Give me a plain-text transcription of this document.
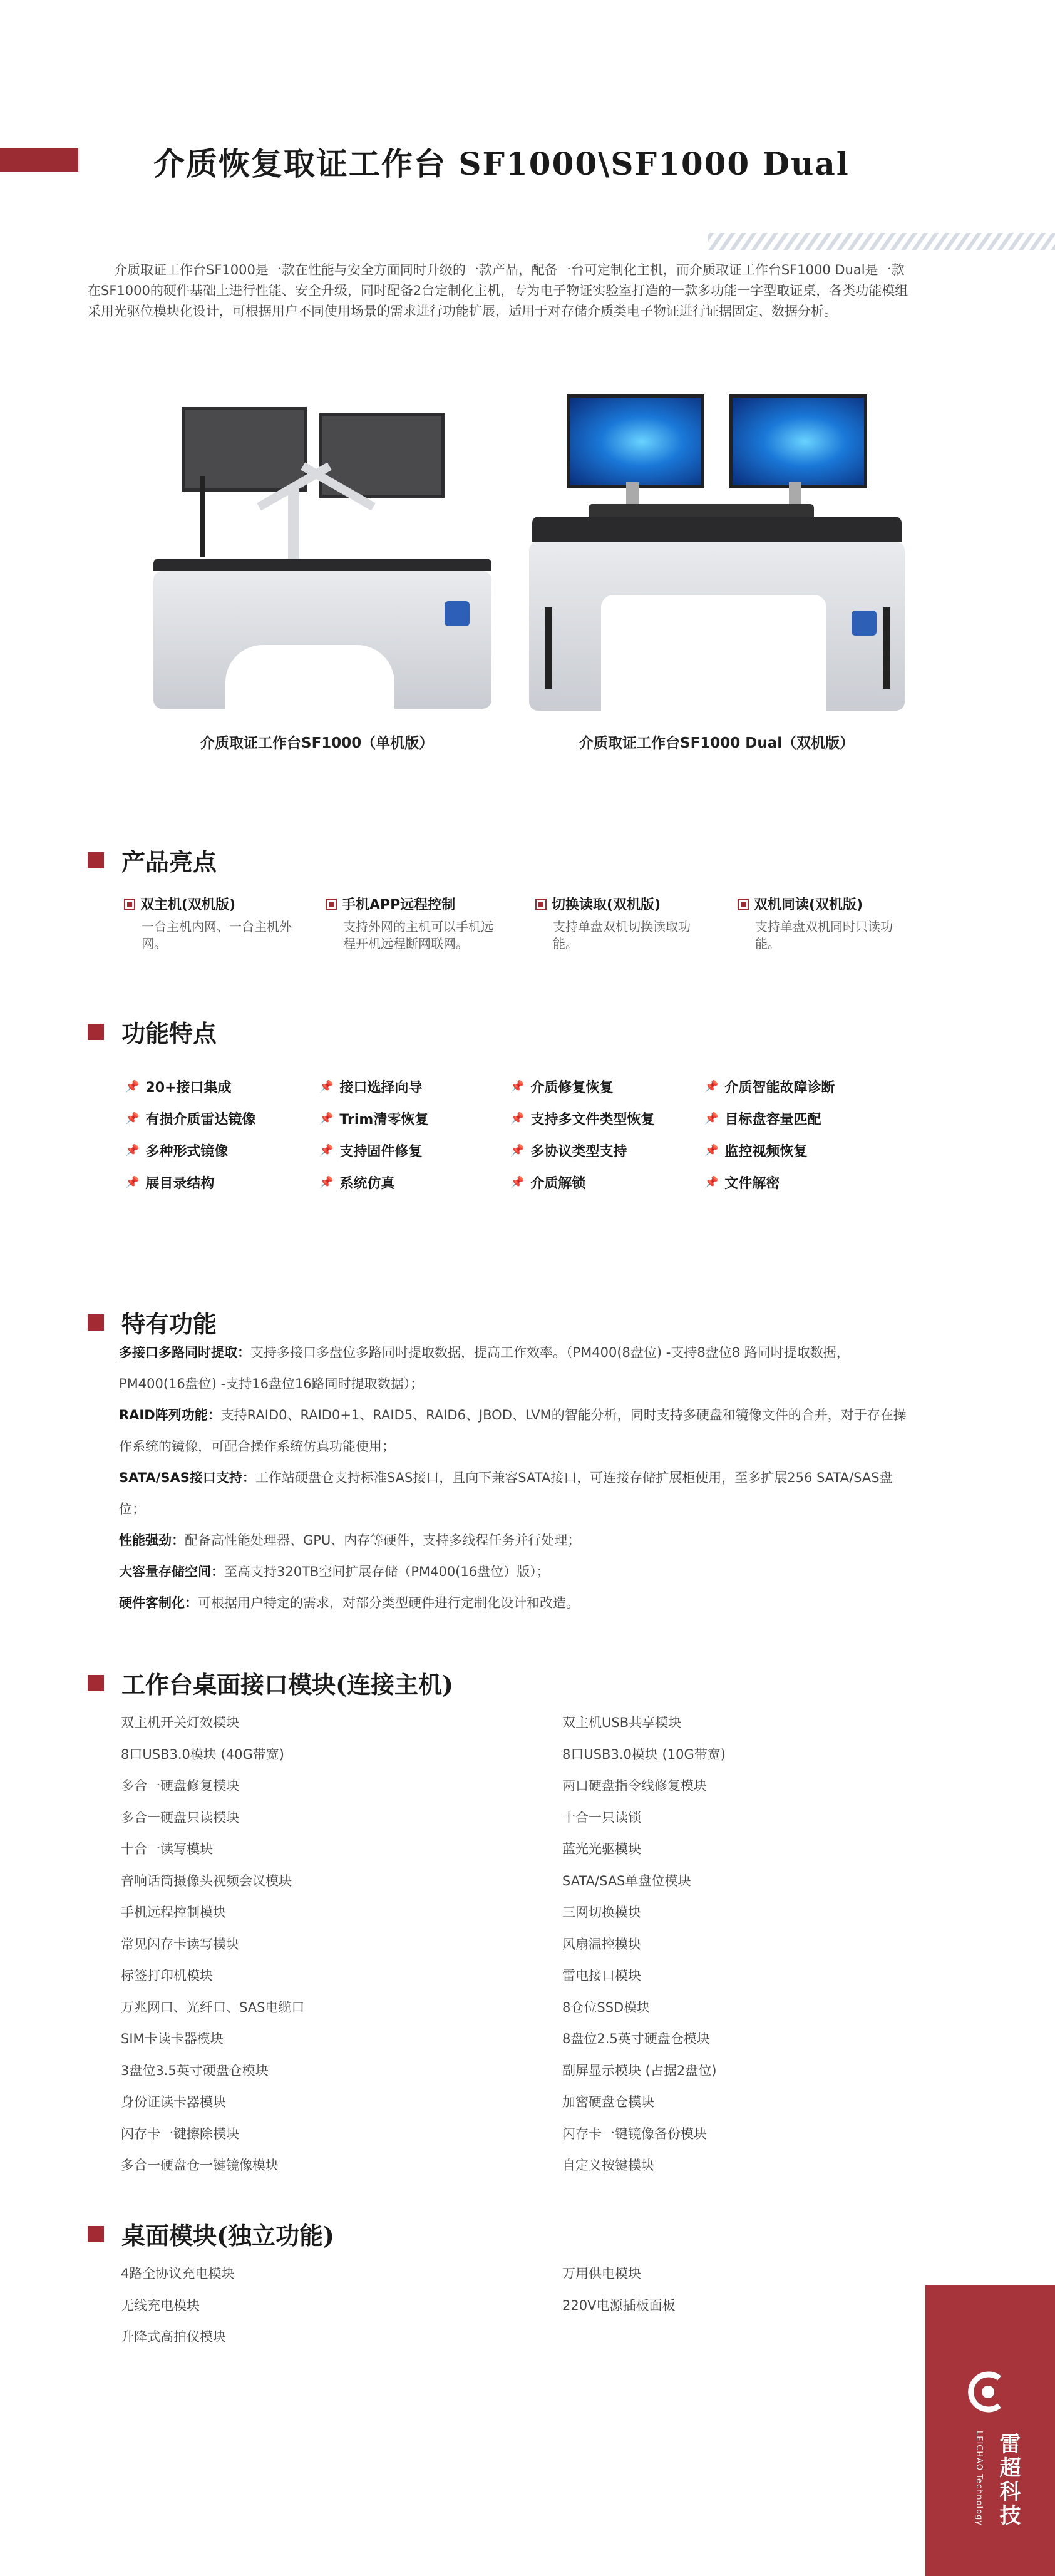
介质恢复取证工作台 SF1000\SF1000 Dual
介质取证工作台SF1000是一款在性能与安全方面同时升级的一款产品，配备一台可定制化主机，而介质取证工作台SF1000 Dual是一款在SF1000的硬件基础上进行性能、安全升级，同时配备2台定制化主机，专为电子物证实验室打造的一款多功能一字型取证桌，各类功能模组采用光驱位模块化设计，可根据用户不同使用场景的需求进行功能扩展，适用于对存储介质类电子物证进行证据固定、数据分析。
介质取证工作台SF1000（单机版）	介质取证工作台SF1000 Dual（双机版）
产品亮点
双主机(双机版)
一台主机内网、一台主机外网。
手机APP远程控制
支持外网的主机可以手机远程开机远程断网联网。
切换读取(双机版)
支持单盘双机切换读取功能。
双机同读(双机版)
支持单盘双机同时只读功能。
功能特点
📌 20+接口集成	📌 接口选择向导	📌 介质修复恢复	📌 介质智能故障诊断
📌 有损介质雷达镜像	📌 Trim清零恢复	📌 支持多文件类型恢复	📌 目标盘容量匹配
📌 多种形式镜像	📌 支持固件修复	📌 多协议类型支持	📌 监控视频恢复
📌 展目录结构	📌 系统仿真	📌 介质解锁	📌 文件解密
特有功能
多接口多路同时提取：支持多接口多盘位多路同时提取数据，提高工作效率。（PM400(8盘位) -支持8盘位8 路同时提取数据，PM400(16盘位) -支持16盘位16路同时提取数据）；
RAID阵列功能：支持RAID0、RAID0+1、RAID5、RAID6、JBOD、LVM的智能分析，同时支持多硬盘和镜像文件的合并，对于存在操作系统的镜像，可配合操作系统仿真功能使用；
SATA/SAS接口支持：工作站硬盘仓支持标准SAS接口，且向下兼容SATA接口，可连接存储扩展柜使用，至多扩展256 SATA/SAS盘位；
性能强劲：配备高性能处理器、GPU、内存等硬件，支持多线程任务并行处理；
大容量存储空间：至高支持320TB空间扩展存储（PM400(16盘位）版）；
硬件客制化：可根据用户特定的需求，对部分类型硬件进行定制化设计和改造。
工作台桌面接口模块(连接主机)
双主机开关灯效模块
8口USB3.0模块 (40G带宽)
多合一硬盘修复模块
多合一硬盘只读模块
十合一读写模块
音响话筒摄像头视频会议模块
手机远程控制模块
常见闪存卡读写模块
标签打印机模块
万兆网口、光纤口、SAS电缆口
SIM卡读卡器模块
3盘位3.5英寸硬盘仓模块
身份证读卡器模块
闪存卡一键擦除模块
多合一硬盘仓一键镜像模块
双主机USB共享模块
8口USB3.0模块 (10G带宽)
两口硬盘指令线修复模块
十合一只读锁
蓝光光驱模块
SATA/SAS单盘位模块
三网切换模块
风扇温控模块
雷电接口模块
8仓位SSD模块
8盘位2.5英寸硬盘仓模块
副屏显示模块 (占据2盘位)
加密硬盘仓模块
闪存卡一键镜像备份模块
自定义按键模块
桌面模块(独立功能)
4路全协议充电模块
无线充电模块
升降式高拍仪模块
万用供电模块
220V电源插板面板
LEICHAO Technology 雷超科技
